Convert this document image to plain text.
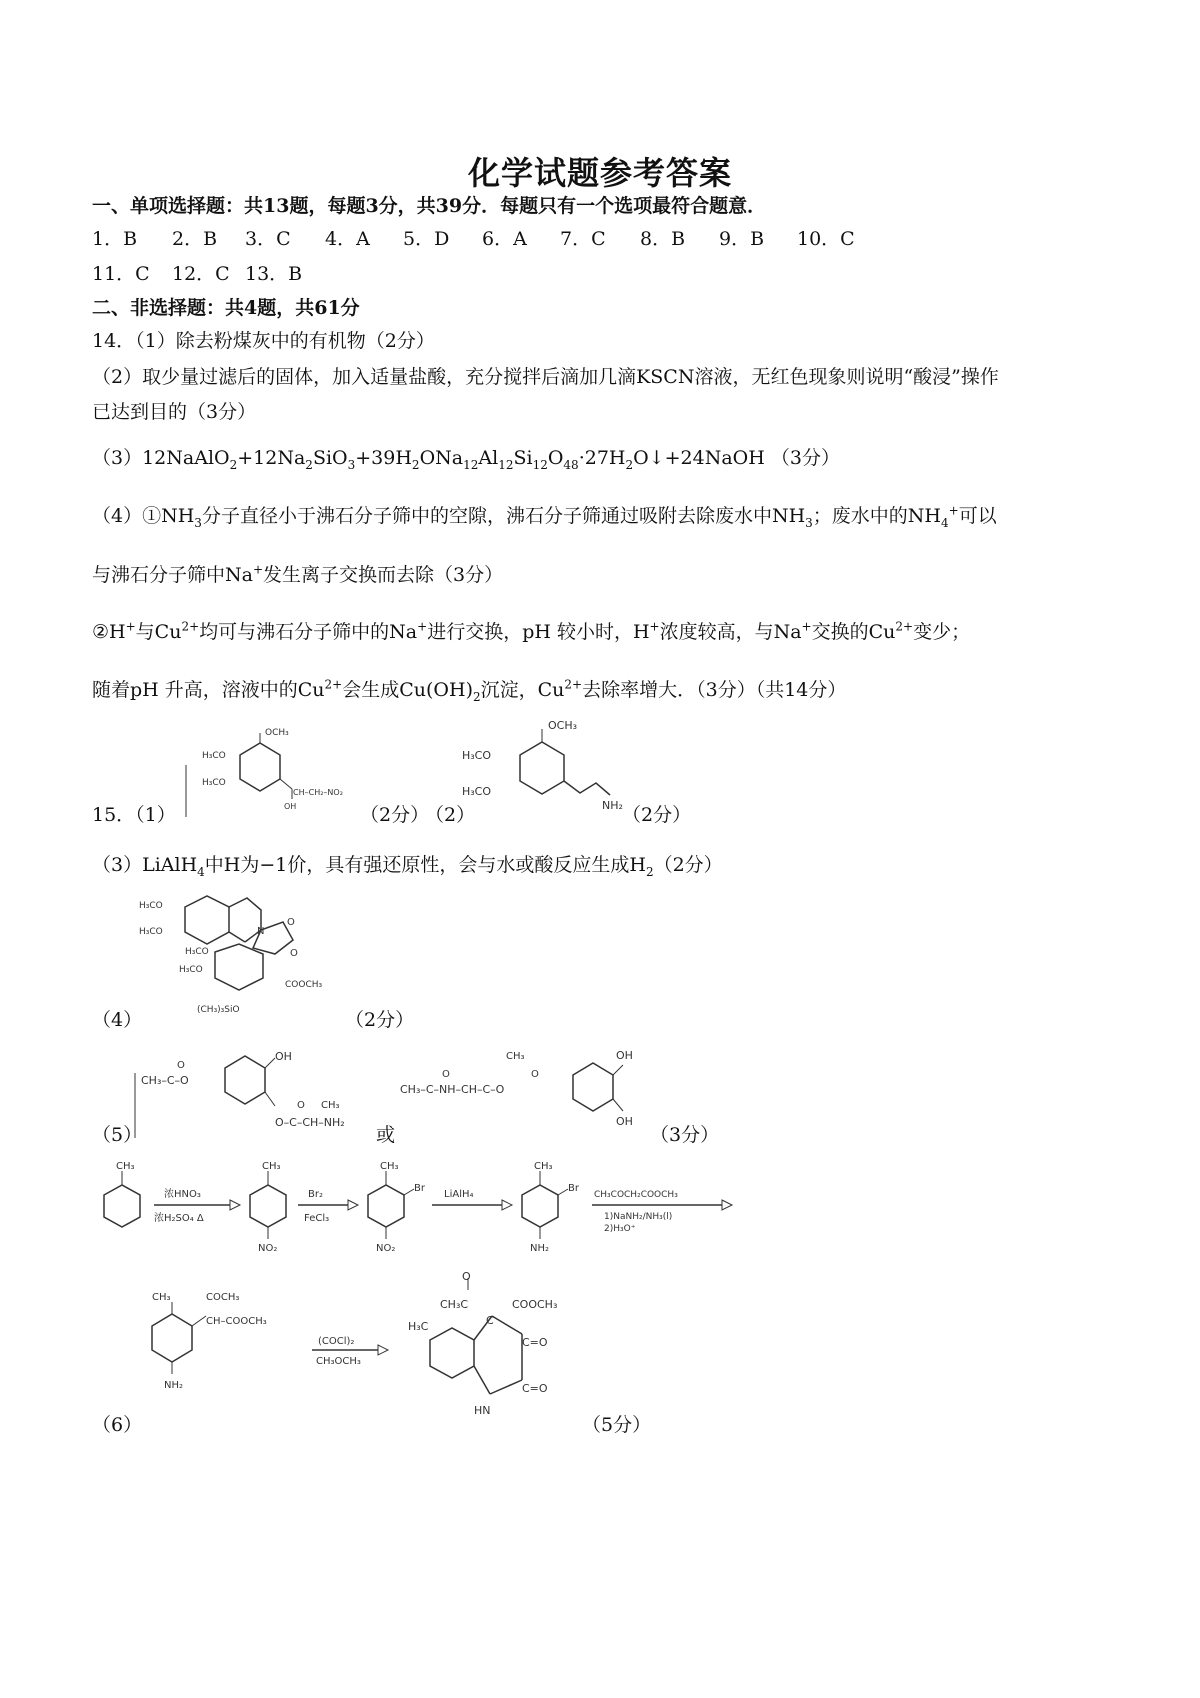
化学试题参考答案
一、单项选择题：共13题，每题3分，共39分．每题只有一个选项最符合题意．
1．B 2．B 3．C 4．A 5．D 6．A 7．C 8．B 9．B 10．C
11．C 12．C 13．B
二、非选择题：共4题，共61分
14．（1）除去粉煤灰中的有机物（2分）
（2）取少量过滤后的固体，加入适量盐酸，充分搅拌后滴加几滴KSCN溶液，无红色现象则说明“酸浸”操作
已达到目的（3分）
$(3)12NaAlO_2+12Na_2SiO_3+39H_2ONa_{12}Al_{12}Si_{12}O_{48}\cdot 27H_2O↓+24NaOH$ （3分）
$(4)①NH_3$分子直径小于沸石分子筛中的空隙，沸石分子筛通过吸附去除废水中$NH_3$；废水中的$NH_4^+$可以
与沸石分子筛中Na+发生离子交换而去除（3分）
②H+与$Cu^{2+}$均可与沸石分子筛中的Na+进行交换，pH 较小时，H+浓度较高，与Na+交换的$Cu^{2+}$变少；
随着pH 升高，溶液中的$Cu^{2+}$会生成$Cu(OH)_2$沉淀，$Cu^{2+}$去除率增大．（3分）（共14分）
15．（1）
OCH₃
H₃CO
H₃CO
CH–CH₂–NO₂
OH	（2分）
（2）
OCH₃
H₃CO
H₃CO
NH₂ （2分）
（3）LiAlH$_4$中H为−1价，具有强还原性，会与水或酸反应生成$H_2(2$分）
（4）
H₃CO
H₃CO
H₃CO
H₃CO
N
O
O
COOCH₃
(CH₃)₃SiO	（2分）
（5）
OH
CH₃–C–O
O
O–C–CH–NH₂
O CH₃
或
OH
OH
CH₃–C–NH–CH–C–O
O	O
CH₃
（3分）
CH₃
浓HNO₃
浓H₂SO₄ Δ
CH₃
NO₂
Br₂
FeCl₃
CH₃
Br
NO₂
LiAlH₄
CH₃
Br
NH₂
CH₃COCH₂COOCH₃
1)NaNH₂/NH₃(l)
2)H₃O⁺
（6）
CH₃	COCH₃
CH–COOCH₃
NH₂
(COCl)₂
CH₃OCH₃
O
CH₃C	COOCH₃
H₃C	C
C=O
C=O
HN
（5分）
